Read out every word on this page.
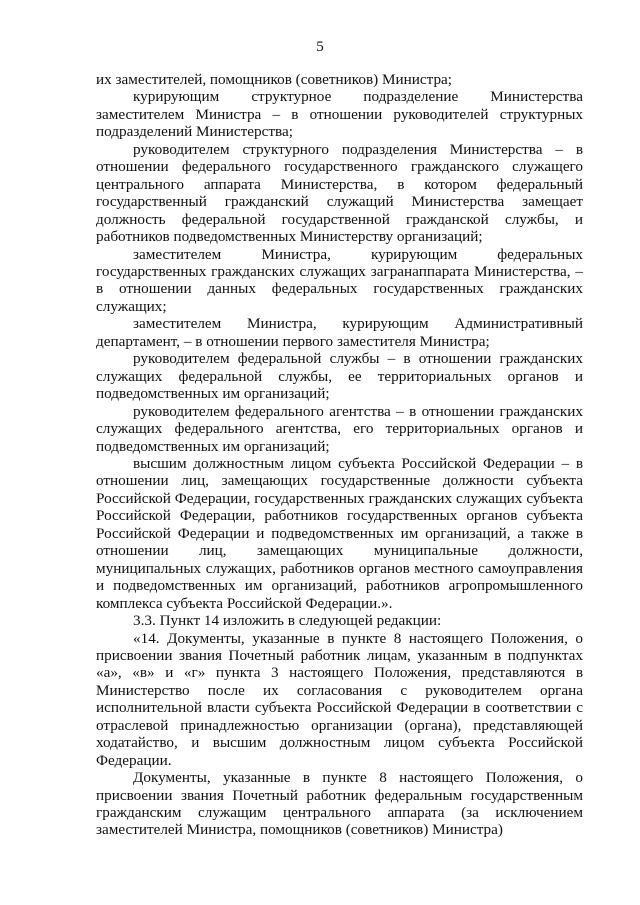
5

их заместителей, помощников (советников) Министра;

курирующим структурное подразделение Министерства заместителем Министра – в отношении руководителей структурных подразделений Министерства;

руководителем структурного подразделения Министерства – в отношении федерального государственного гражданского служащего центрального аппарата Министерства, в котором федеральный государственный гражданский служащий Министерства замещает должность федеральной государственной гражданской службы, и работников подведомственных Министерству организаций;

заместителем Министра, курирующим федеральных государственных гражданских служащих загранаппарата Министерства, – в отношении данных федеральных государственных гражданских служащих;

заместителем Министра, курирующим Административный департамент, – в отношении первого заместителя Министра;

руководителем федеральной службы – в отношении гражданских служащих федеральной службы, ее территориальных органов и подведомственных им организаций;

руководителем федерального агентства – в отношении гражданских служащих федерального агентства, его территориальных органов и подведомственных им организаций;

высшим должностным лицом субъекта Российской Федерации – в отношении лиц, замещающих государственные должности субъекта Российской Федерации, государственных гражданских служащих субъекта Российской Федерации, работников государственных органов субъекта Российской Федерации и подведомственных им организаций, а также в отношении лиц, замещающих муниципальные должности, муниципальных служащих, работников органов местного самоуправления и подведомственных им организаций, работников агропромышленного комплекса субъекта Российской Федерации.».

3.3. Пункт 14 изложить в следующей редакции:

«14. Документы, указанные в пункте 8 настоящего Положения, о присвоении звания Почетный работник лицам, указанным в подпунктах «а», «в» и «г» пункта 3 настоящего Положения, представляются в Министерство после их согласования с руководителем органа исполнительной власти субъекта Российской Федерации в соответствии с отраслевой принадлежностью организации (органа), представляющей ходатайство, и высшим должностным лицом субъекта Российской Федерации.

Документы, указанные в пункте 8 настоящего Положения, о присвоении звания Почетный работник федеральным государственным гражданским служащим центрального аппарата (за исключением заместителей Министра, помощников (советников) Министра)
